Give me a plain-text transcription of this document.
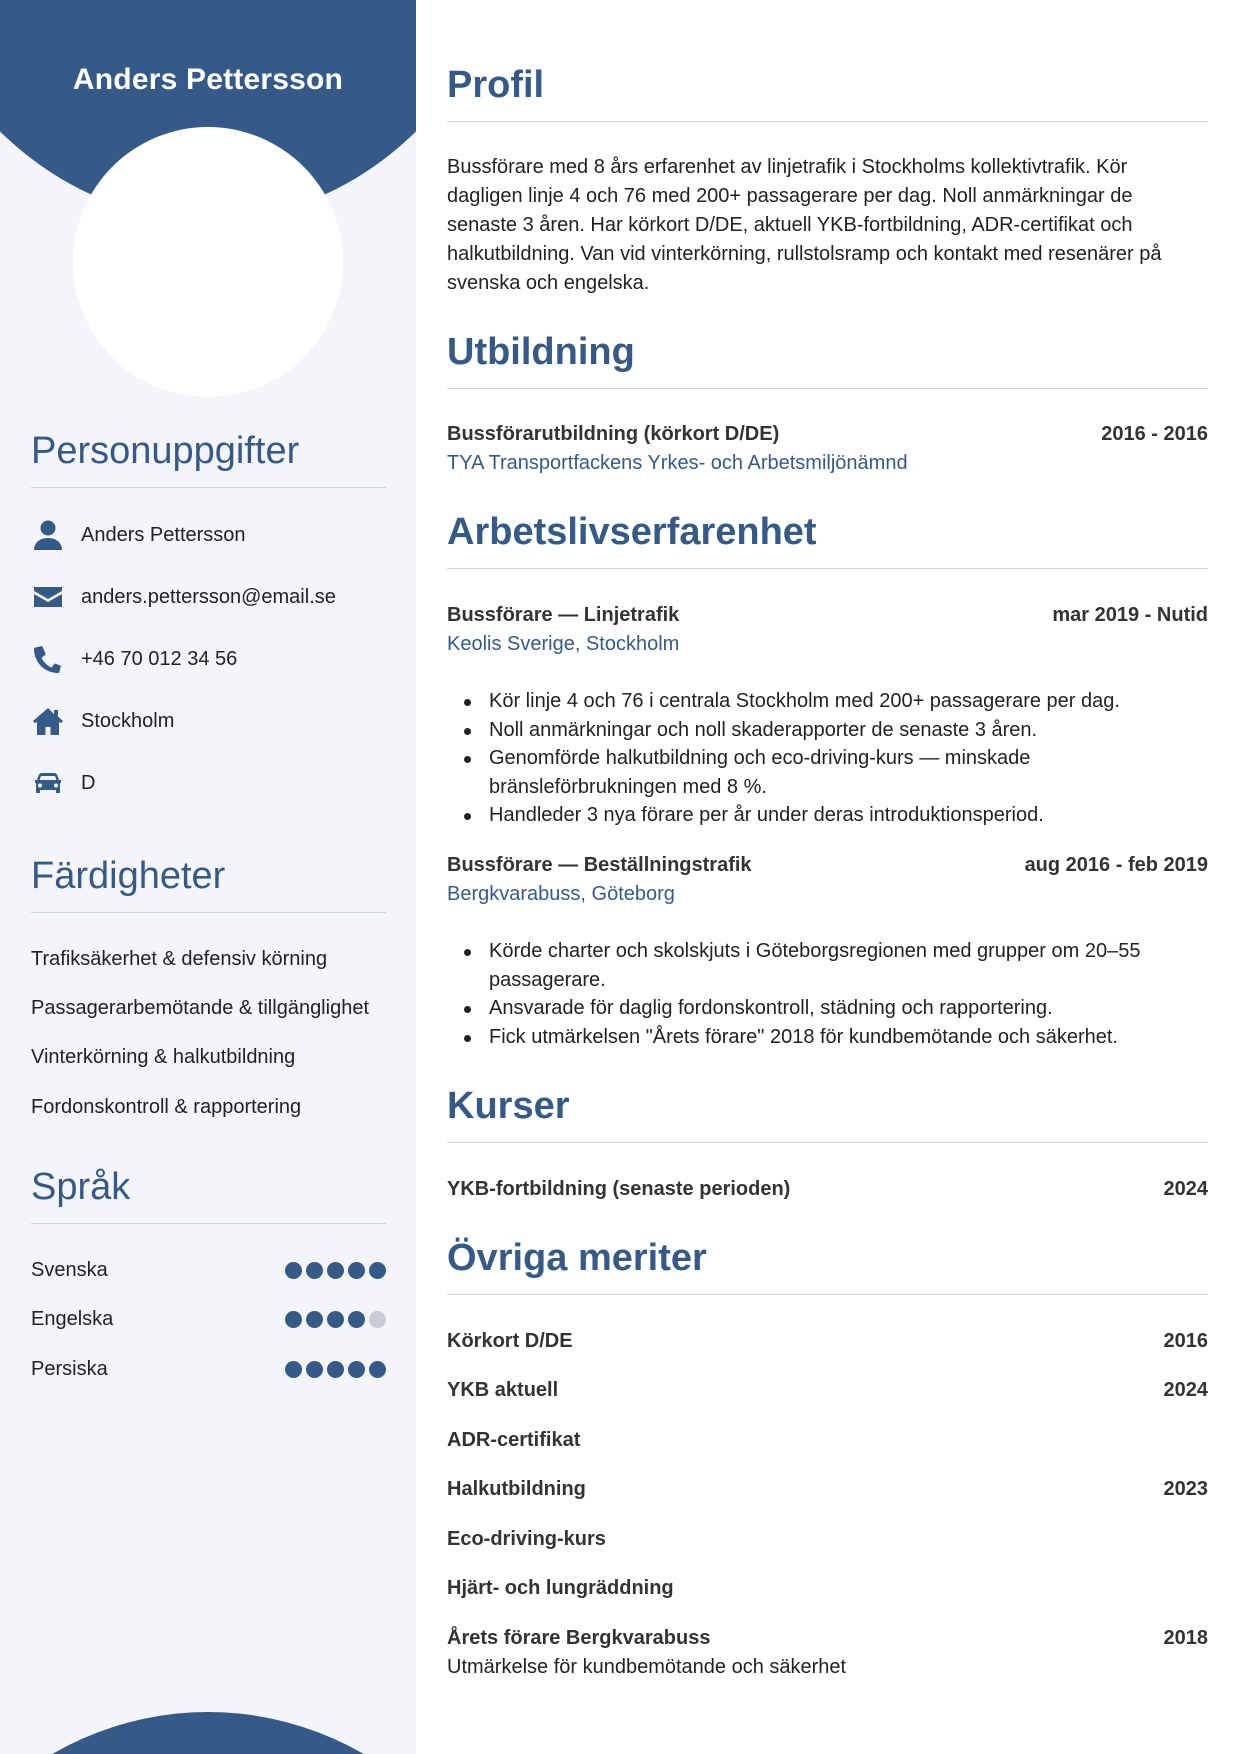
Anders Pettersson
Personuppgifter
Anders Pettersson
anders.pettersson@email.se
+46 70 012 34 56
Stockholm
D
Färdigheter
Trafiksäkerhet & defensiv körning
Passagerarbemötande & tillgänglighet
Vinterkörning & halkutbildning
Fordonskontroll & rapportering
Språk
Svenska
Engelska
Persiska
Profil

Bussförare med 8 års erfarenhet av linjetrafik i Stockholms kollektivtrafik. Kör dagligen linje 4 och 76 med 200+ passagerare per dag. Noll anmärkningar de senaste 3 åren. Har körkort D/DE, aktuell YKB-fortbildning, ADR-certifikat och halkutbildning. Van vid vinterkörning, rullstolsramp och kontakt med resenärer på svenska och engelska.

Utbildning
Bussförarutbildning (körkort D/DE)	2016 - 2016
TYA Transportfackens Yrkes- och Arbetsmiljönämnd
Arbetslivserfarenhet
Bussförare — Linjetrafik	mar 2019 - Nutid
Keolis Sverige, Stockholm
Kör linje 4 och 76 i centrala Stockholm med 200+ passagerare per dag.
Noll anmärkningar och noll skaderapporter de senaste 3 åren.
Genomförde halkutbildning och eco-driving-kurs — minskade bränsleförbrukningen med 8 %.
Handleder 3 nya förare per år under deras introduktionsperiod.
Bussförare — Beställningstrafik	aug 2016 - feb 2019
Bergkvarabuss, Göteborg
Körde charter och skolskjuts i Göteborgsregionen med grupper om 20–55 passagerare.
Ansvarade för daglig fordonskontroll, städning och rapportering.
Fick utmärkelsen "Årets förare" 2018 för kundbemötande och säkerhet.
Kurser
YKB-fortbildning (senaste perioden)	2024
Övriga meriter
Körkort D/DE	2016
YKB aktuell	2024
ADR-certifikat
Halkutbildning	2023
Eco-driving-kurs
Hjärt- och lungräddning
Årets förare Bergkvarabuss	2018
Utmärkelse för kundbemötande och säkerhet
